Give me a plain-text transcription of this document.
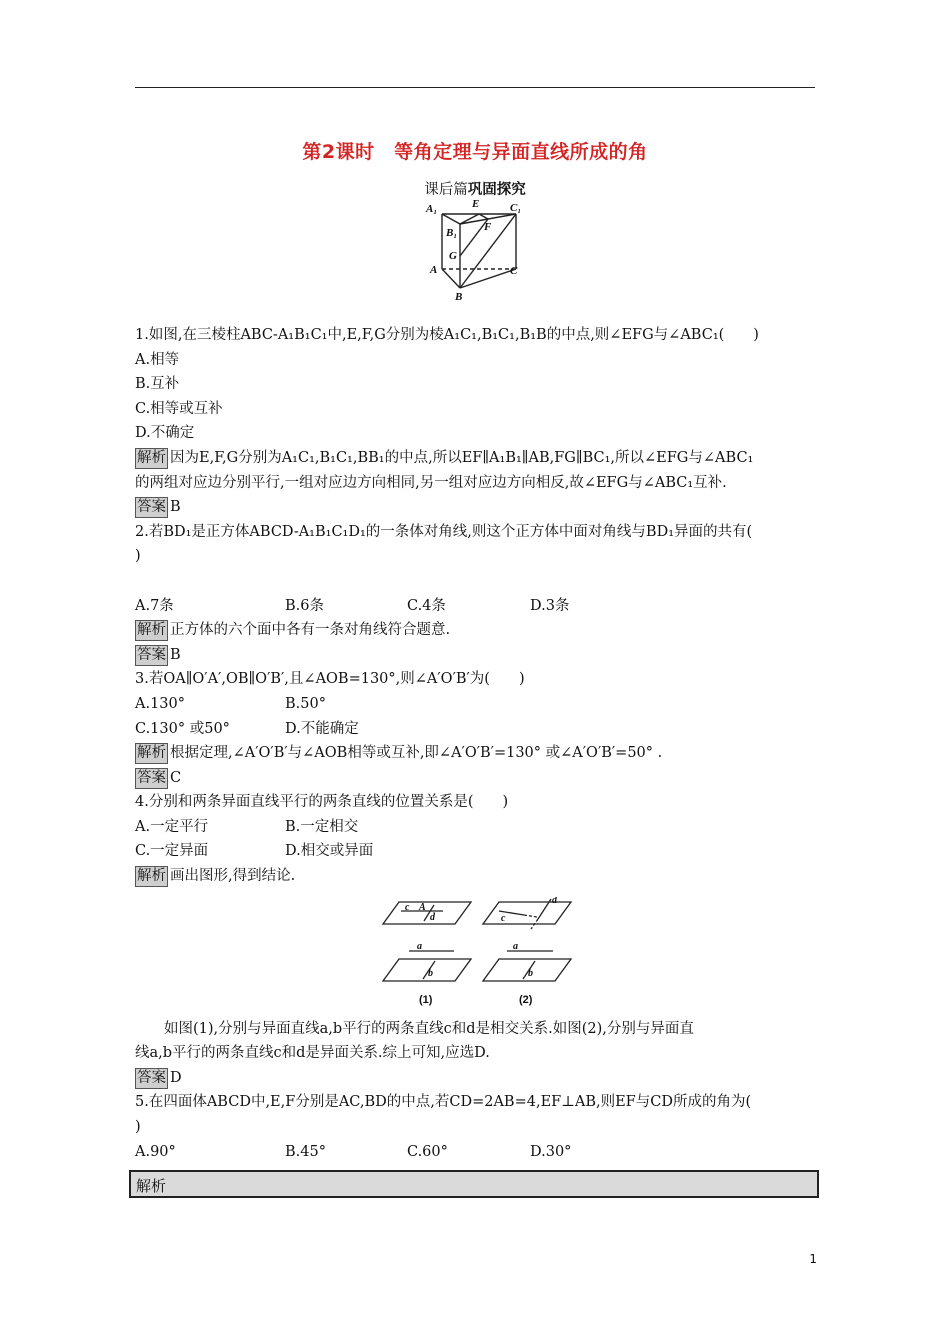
第2课时　等角定理与异面直线所成的角
课后篇巩固探究
A₁	E	C₁
B₁ F
G
A	C
B
1.如图,在三棱柱ABC-A₁B₁C₁中,E,F,G分别为棱A₁C₁,B₁C₁,B₁B的中点,则∠EFG与∠ABC₁(　　)
A.相等
B.互补
C.相等或互补
D.不确定
解析 因为E,F,G分别为A₁C₁,B₁C₁,BB₁的中点,所以EF∥A₁B₁∥AB,FG∥BC₁,所以∠EFG与∠ABC₁
的两组对应边分别平行,一组对应边方向相同,另一组对应边方向相反,故∠EFG与∠ABC₁互补.
答案 B
2.若BD₁是正方体ABCD-A₁B₁C₁D₁的一条体对角线,则这个正方体中面对角线与BD₁异面的共有(
)
A.7条	B.6条	C.4条	D.3条
解析 正方体的六个面中各有一条对角线符合题意.
答案 B
3.若OA∥O′A′,OB∥O′B′,且∠AOB=130°,则∠A′O′B′为(　　)
A.130°	B.50°
C.130° 或50°	D.不能确定
解析 根据定理,∠A′O′B′与∠AOB相等或互补,即∠A′O′B′=130° 或∠A′O′B′=50° .
答案 C
4.分别和两条异面直线平行的两条直线的位置关系是(　　)
A.一定平行	B.一定相交
C.一定异面	D.相交或异面
解析 画出图形,得到结论.
c A
d
a
b
c
d
a
b
(1)	(2)
如图(1),分别与异面直线a,b平行的两条直线c和d是相交关系.如图(2),分别与异面直
线a,b平行的两条直线c和d是异面关系.综上可知,应选D.
答案 D
5.在四面体ABCD中,E,F分别是AC,BD的中点,若CD=2AB=4,EF⊥AB,则EF与CD所成的角为(
)
A.90°	B.45°	C.60°	D.30°
解析
1
